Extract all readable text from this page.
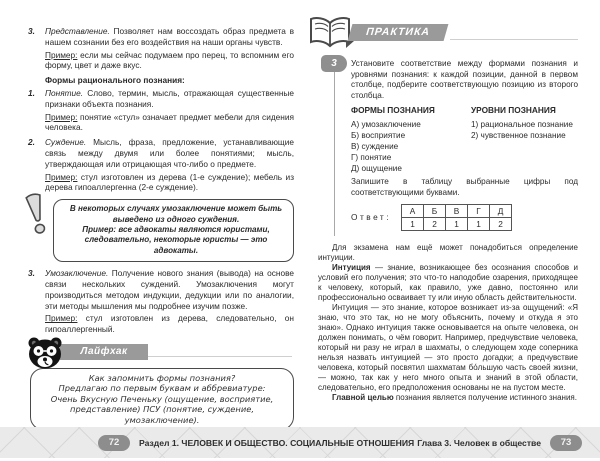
3. Представление. Позволяет нам воссоздать образ предмета в нашем сознании без его воздействия на наши органы чувств.
Пример: если мы сейчас подумаем про перец, то вспомним его форму, цвет и даже вкус.
Формы рационального познания:
1. Понятие. Слово, термин, мысль, отражающая существенные признаки объекта познания.
Пример: понятие «стул» означает предмет мебели для сидения человека.
2. Суждение. Мысль, фраза, предложение, устанавливающие связь между двумя или более понятиями; мысль, утверждающая или отрицающая что-либо о предмете.
Пример: стул изготовлен из дерева (1-е суждение); мебель из дерева гипоаллергенна (2-е суждение).
В некоторых случаях умозаключение может быть
выведено из одного суждения.
Пример: все адвокаты являются юристами,
следовательно, некоторые юристы — это адвокаты.
3. Умозаключение. Получение нового знания (вывода) на основе связи нескольких суждений. Умозаключения могут производиться методом индукции, дедукции или по аналогии, эти методы мышления мы подробнее изучим позже.
Пример: стул изготовлен из дерева, следовательно, он гипоаллергенный.
Лайфхак
Как запомнить формы познания?
Предлагаю по первым буквам и аббревиатуре:
Очень Вкусную Печеньку (ощущение, восприятие,
представление) ПСУ (понятие, суждение, умозаключение).
ПРАКТИКА
3	Установите соответствие между формами познания и уровнями познания: к каждой позиции, данной в первом столбце, подберите соответствующую позицию из второго столбца.
ФОРМЫ ПОЗНАНИЯ
А) умозаключение
Б) восприятие
В) суждение
Г) понятие
Д) ощущение
УРОВНИ ПОЗНАНИЯ
1) рациональное познание
2) чувственное познание
Запишите в таблицу выбранные цифры под соответствующими буквами.
Ответ:
А	Б	В	Г	Д
1	2	1	1	2

Для экзамена нам ещё может понадобиться определение интуиции.

Интуиция — знание, возникающее без осознания способов и условий его получения; это что-то наподобие озарения, приходящее к человеку, который, как правило, уже давно, постоянно или профессионально осваивает ту или иную область действительности.

Интуиция — это знание, которое возникает из-за ощущений: «Я знаю, что это так, но не могу объяснить, почему и откуда я это знаю». Однако интуиция также основывается на опыте человека, он должен понимать, о чём говорит. Например, предчувствие человека, который ни разу не играл в шахматы, о следующем ходе соперника нельзя назвать интуицией — это просто догадки; а предчувствие человека, который посвятил шахматам бо́льшую часть своей жизни, — можно, так как у него много опыта и знаний в этой области, следовательно, его предположения основаны не на пустом месте.

Главной целью познания является получение истинного знания.

72	Раздел 1. ЧЕЛОВЕК И ОБЩЕСТВО. СОЦИАЛЬНЫЕ ОТНОШЕНИЯ Глава 3. Человек в обществе	73
